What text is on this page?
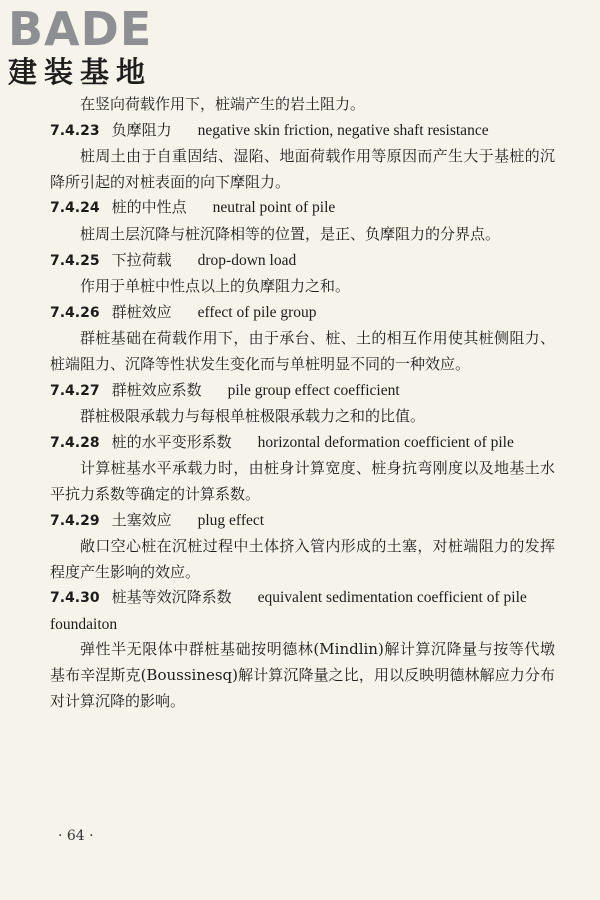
BADE
建装基地

在竖向荷载作用下，桩端产生的岩土阻力。

7.4.23 负摩阻力 negative skin friction, negative shaft resistance

桩周土由于自重固结、湿陷、地面荷载作用等原因而产生大于基桩的沉降所引起的对桩表面的向下摩阻力。

7.4.24 桩的中性点 neutral point of pile

桩周土层沉降与桩沉降相等的位置，是正、负摩阻力的分界点。

7.4.25 下拉荷载 drop-down load

作用于单桩中性点以上的负摩阻力之和。

7.4.26 群桩效应 effect of pile group

群桩基础在荷载作用下，由于承台、桩、土的相互作用使其桩侧阻力、桩端阻力、沉降等性状发生变化而与单桩明显不同的一种效应。

7.4.27 群桩效应系数 pile group effect coefficient

群桩极限承载力与每根单桩极限承载力之和的比值。

7.4.28 桩的水平变形系数 horizontal deformation coefficient of pile

计算桩基水平承载力时，由桩身计算宽度、桩身抗弯刚度以及地基土水平抗力系数等确定的计算系数。

7.4.29 土塞效应 plug effect

敞口空心桩在沉桩过程中土体挤入管内形成的土塞，对桩端阻力的发挥程度产生影响的效应。

7.4.30 桩基等效沉降系数 equivalent sedimentation coefficient of pile foundaiton

弹性半无限体中群桩基础按明德林(Mindlin)解计算沉降量与按等代墩基布辛涅斯克(Boussinesq)解计算沉降量之比，用以反映明德林解应力分布对计算沉降的影响。

· 64 ·
